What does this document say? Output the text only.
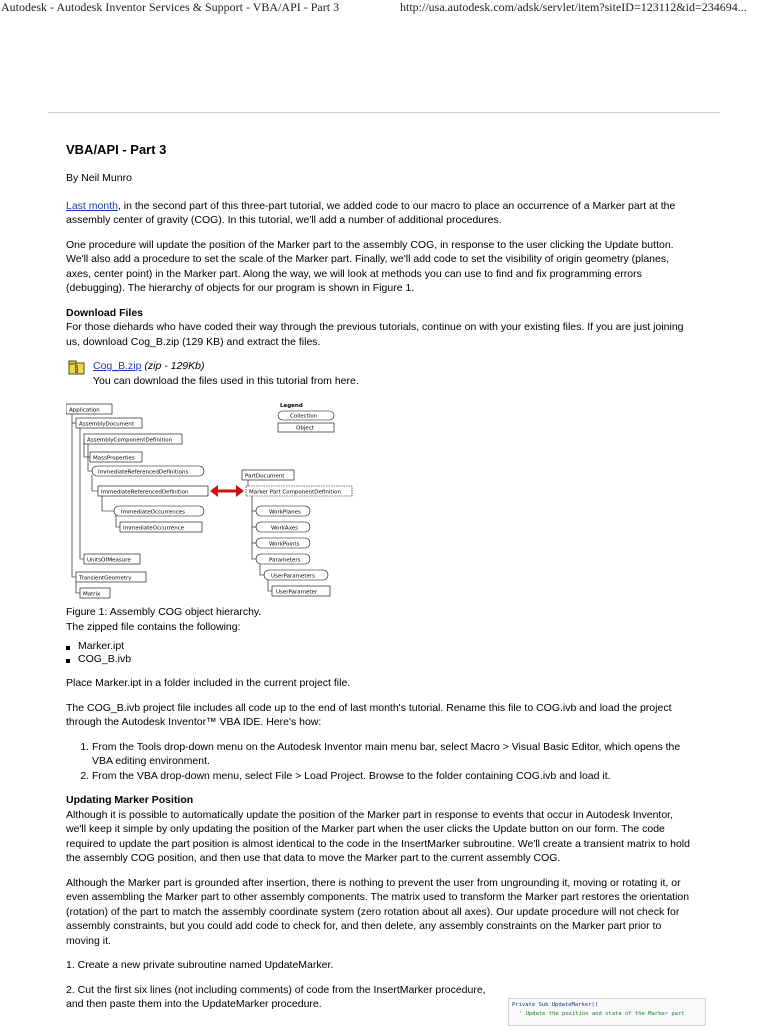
Autodesk - Autodesk Inventor Services & Support - VBA/API - Part 3	http://usa.autodesk.com/adsk/servlet/item?siteID=123112&id=234694...
VBA/API - Part 3

By Neil Munro

Last month, in the second part of this three-part tutorial, we added code to our macro to place an occurrence of a Marker part at the assembly center of gravity (COG). In this tutorial, we'll add a number of additional procedures.

One procedure will update the position of the Marker part to the assembly COG, in response to the user clicking the Update button. We'll also add a procedure to set the scale of the Marker part. Finally, we'll add code to set the visibility of origin geometry (planes, axes, center point) in the Marker part. Along the way, we will look at methods you can use to find and fix programming errors (debugging). The hierarchy of objects for our program is shown in Figure 1.

Download Files

For those diehards who have coded their way through the previous tutorials, continue on with your existing files. If you are just joining us, download Cog_B.zip (129 KB) and extract the files.

Cog_B.zip (zip - 129Kb)
You can download the files used in this tutorial from here.
Application
AssemblyDocument
AssemblyComponentDefinition
MassProperties
ImmediateReferencedDefinitions
ImmediateReferencedDefinition
ImmediateOccurrences
ImmediateOccurrence
UnitsOfMeasure
TransientGeometry
Matrix
Legend
Collection
Object
PartDocument
Marker Part ComponentDefinition
WorkPlanes
WorkAxes
WorkPoints
Parameters
UserParameters
UserParameter

Figure 1: Assembly COG object hierarchy.

The zipped file contains the following:

Marker.ipt
COG_B.ivb

Place Marker.ipt in a folder included in the current project file.

The COG_B.ivb project file includes all code up to the end of last month's tutorial. Rename this file to COG.ivb and load the project through the Autodesk Inventor™ VBA IDE. Here's how:

1. From the Tools drop-down menu on the Autodesk Inventor main menu bar, select Macro > Visual Basic Editor, which opens the VBA editing environment.
2. From the VBA drop-down menu, select File > Load Project. Browse to the folder containing COG.ivb and load it.
Updating Marker Position

Although it is possible to automatically update the position of the Marker part in response to events that occur in Autodesk Inventor, we'll keep it simple by only updating the position of the Marker part when the user clicks the Update button on our form. The code required to update the part position is almost identical to the code in the InsertMarker subroutine. We'll create a transient matrix to hold the assembly COG position, and then use that data to move the Marker part to the current assembly COG.

Although the Marker part is grounded after insertion, there is nothing to prevent the user from ungrounding it, moving or rotating it, or even assembling the Marker part to other assembly components. The matrix used to transform the Marker part restores the orientation (rotation) of the part to match the assembly coordinate system (zero rotation about all axes). Our update procedure will not check for assembly constraints, but you could add code to check for, and then delete, any assembly constraints on the Marker part prior to moving it.

1. Create a new private subroutine named UpdateMarker.

2. Cut the first six lines (not including comments) of code from the InsertMarker procedure, and then paste them into the UpdateMarker procedure.	Private Sub UpdateMarker()
' Update the position and state of the Marker part
